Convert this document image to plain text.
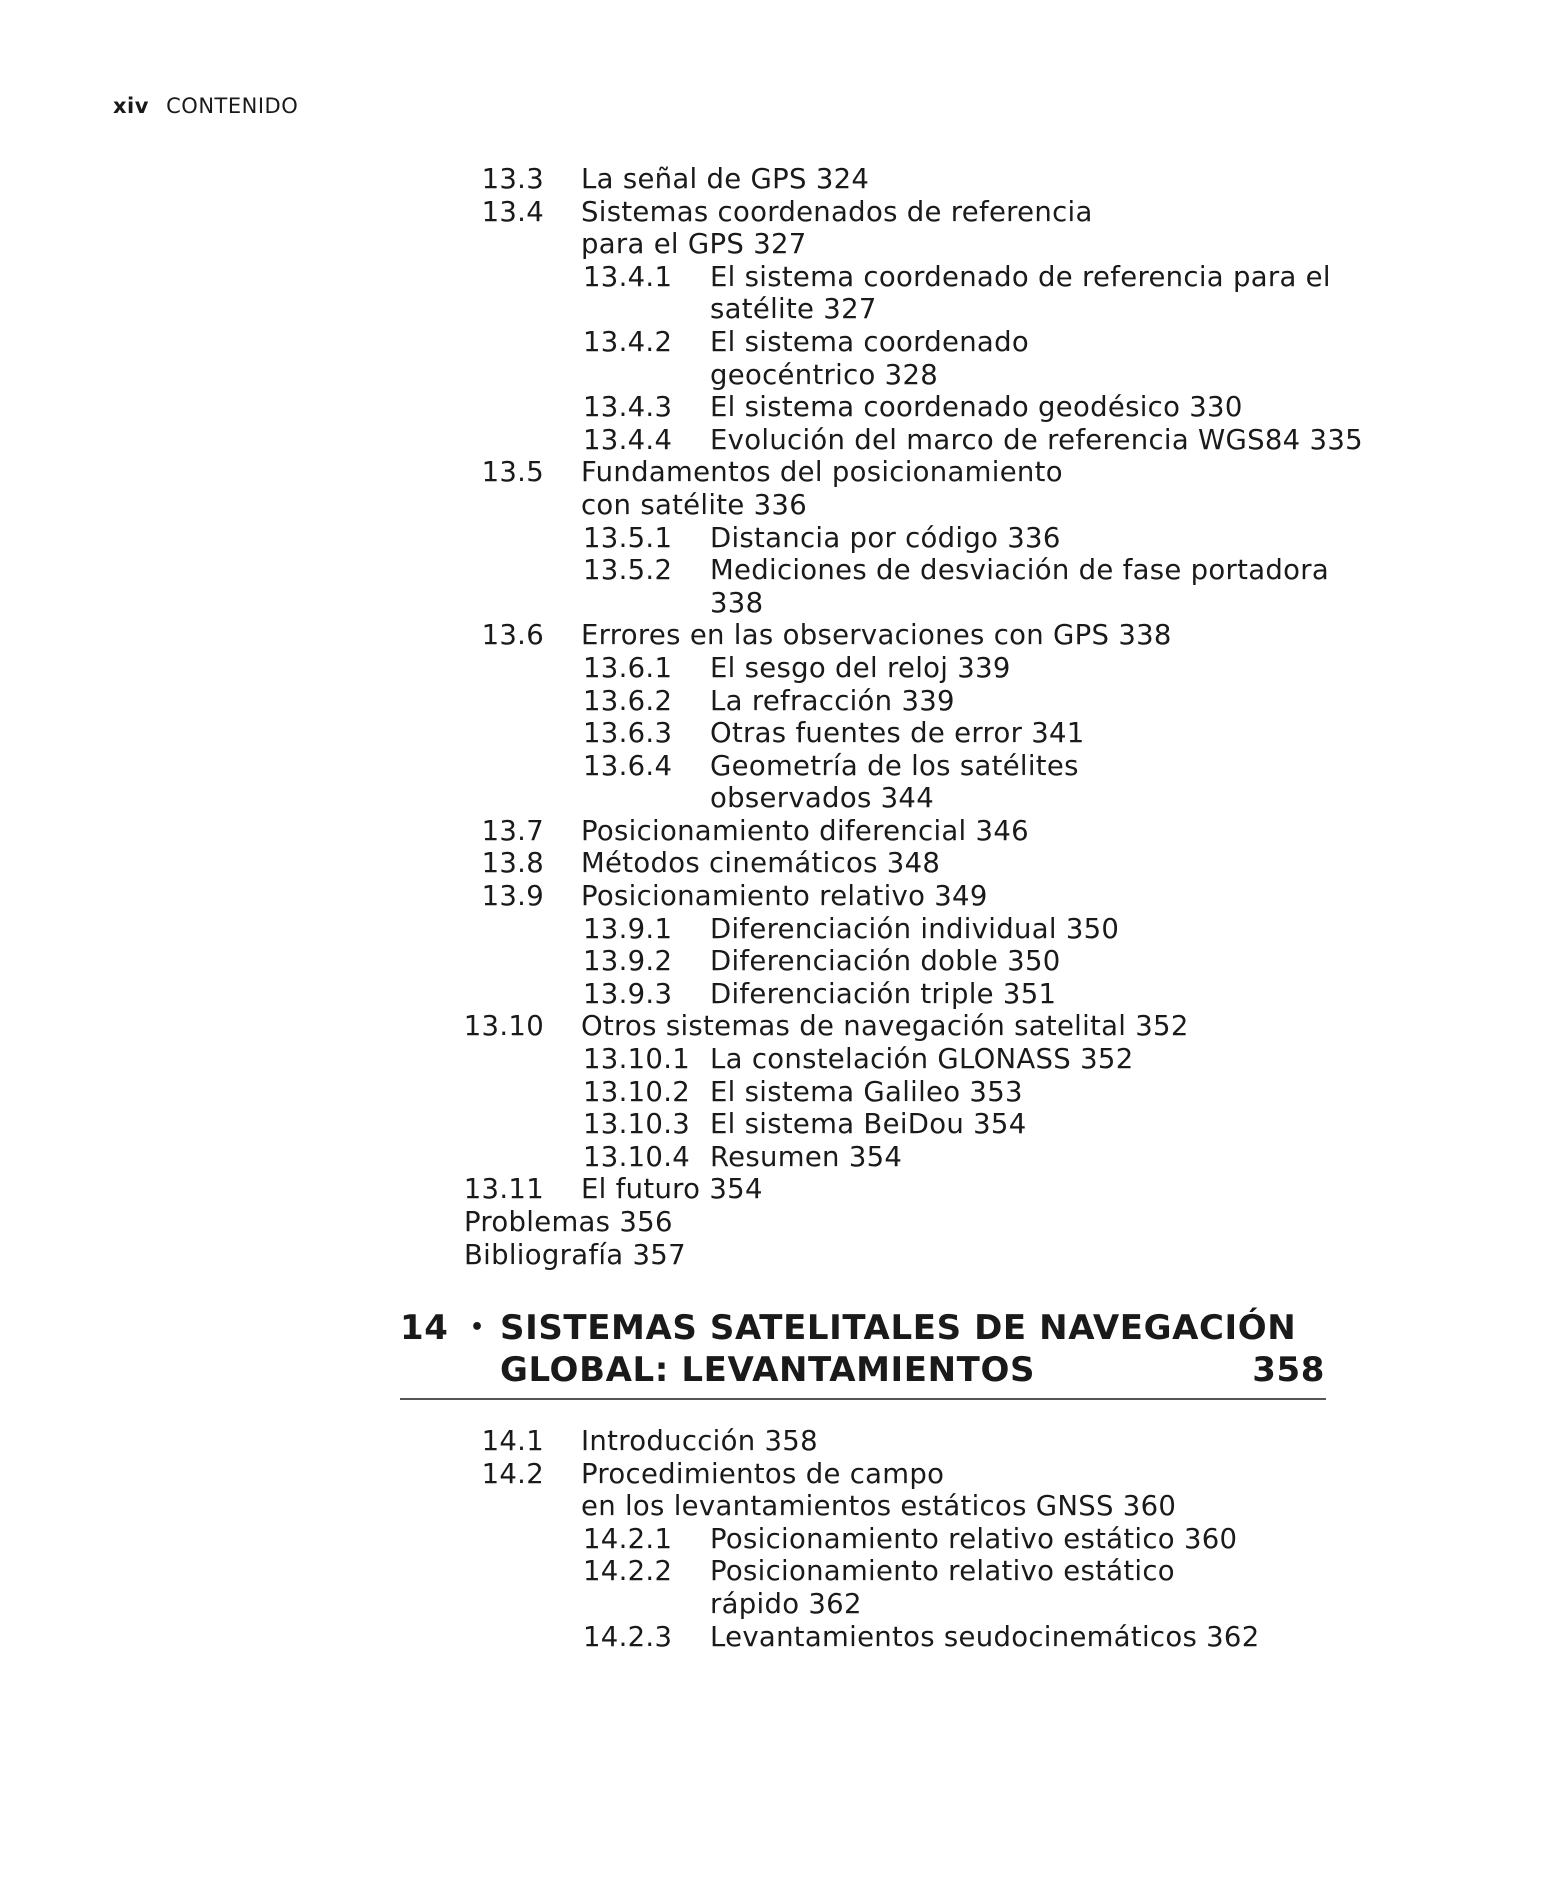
xiv CONTENIDO
13.3 La señal de GPS 324
13.4 Sistemas coordenados de referencia
para el GPS 327
13.4.1 El sistema coordenado de referencia para el
satélite 327
13.4.2 El sistema coordenado
geocéntrico 328
13.4.3 El sistema coordenado geodésico 330
13.4.4 Evolución del marco de referencia WGS84 335
13.5 Fundamentos del posicionamiento
con satélite 336
13.5.1 Distancia por código 336
13.5.2 Mediciones de desviación de fase portadora
338
13.6 Errores en las observaciones con GPS 338
13.6.1 El sesgo del reloj 339
13.6.2 La refracción 339
13.6.3 Otras fuentes de error 341
13.6.4 Geometría de los satélites
observados 344
13.7 Posicionamiento diferencial 346
13.8 Métodos cinemáticos 348
13.9 Posicionamiento relativo 349
13.9.1 Diferenciación individual 350
13.9.2 Diferenciación doble 350
13.9.3 Diferenciación triple 351
13.10 Otros sistemas de navegación satelital 352
13.10.1 La constelación GLONASS 352
13.10.2 El sistema Galileo 353
13.10.3 El sistema BeiDou 354
13.10.4 Resumen 354
13.11 El futuro 354
Problemas 356
Bibliografía 357
14 • SISTEMAS SATELITALES DE NAVEGACIÓN
GLOBAL: LEVANTAMIENTOS	358
14.1 Introducción 358
14.2 Procedimientos de campo
en los levantamientos estáticos GNSS 360
14.2.1 Posicionamiento relativo estático 360
14.2.2 Posicionamiento relativo estático
rápido 362
14.2.3 Levantamientos seudocinemáticos 362
